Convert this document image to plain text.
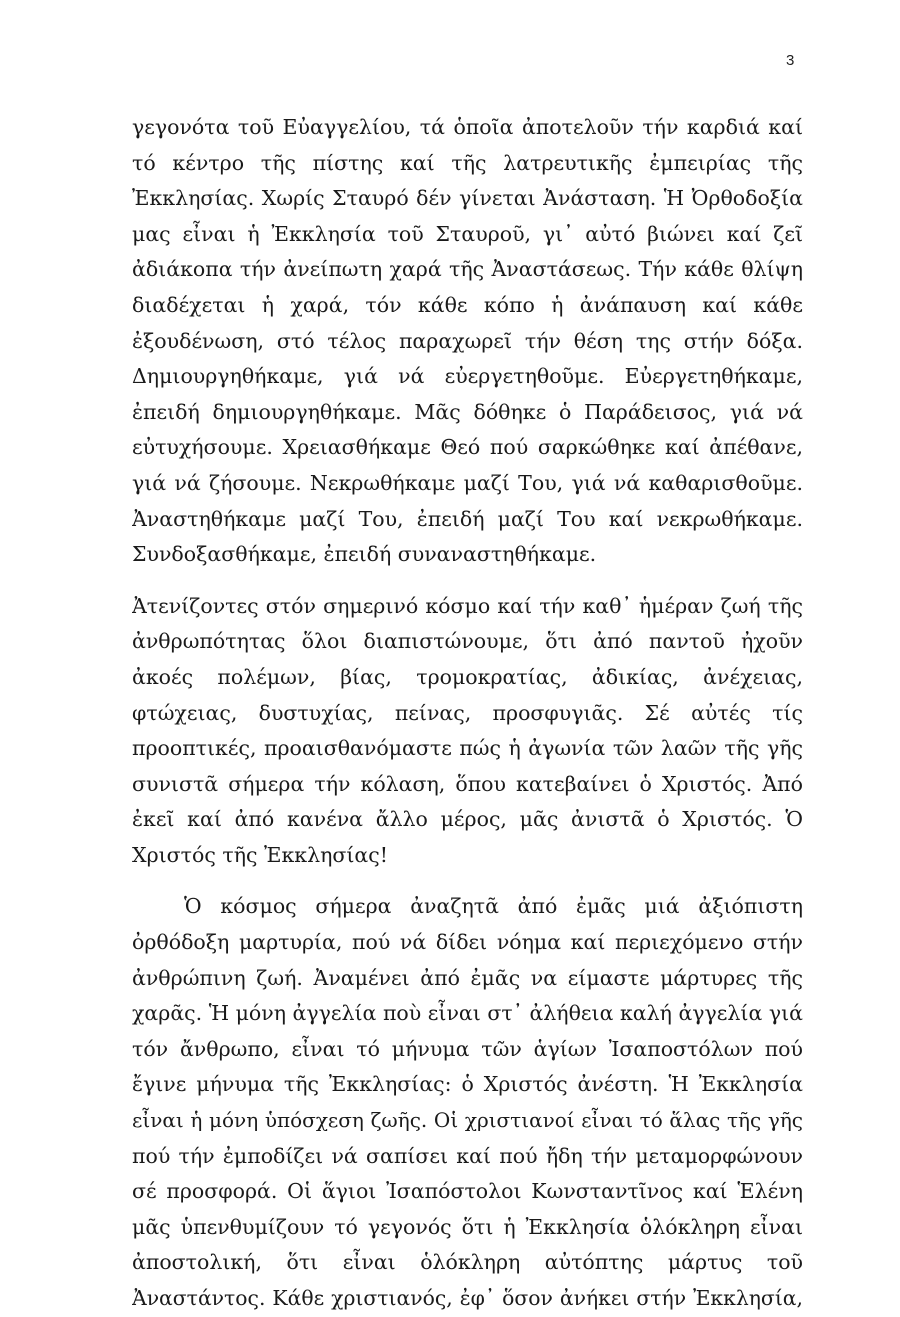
3

γεγονότα τοῦ Εὐαγγελίου, τά ὁποῖα ἀποτελοῦν τήν καρδιά καί
τό κέντρο τῆς πίστης καί τῆς λατρευτικῆς ἐμπειρίας τῆς
Ἐκκλησίας. Χωρίς Σταυρό δέν γίνεται Ἀνάσταση. Ἡ Ὀρθοδοξία
μας εἶναι ἡ Ἐκκλησία τοῦ Σταυροῦ, γι᾽ αὐτό βιώνει καί ζεῖ
ἀδιάκοπα τήν ἀνείπωτη χαρά τῆς Ἀναστάσεως. Τήν κάθε θλίψη
διαδέχεται ἡ χαρά, τόν κάθε κόπο ἡ ἀνάπαυση καί κάθε
ἐξουδένωση, στό τέλος παραχωρεῖ τήν θέση της στήν δόξα.
Δημιουργηθήκαμε, γιά νά εὐεργετηθοῦμε. Εὐεργετηθήκαμε,
ἐπειδή δημιουργηθήκαμε. Μᾶς δόθηκε ὁ Παράδεισος, γιά νά
εὐτυχήσουμε. Χρειασθήκαμε Θεό πού σαρκώθηκε καί ἀπέθανε,
γιά νά ζήσουμε. Νεκρωθήκαμε μαζί Του, γιά νά καθαρισθοῦμε.
Ἀναστηθήκαμε μαζί Του, ἐπειδή μαζί Του καί νεκρωθήκαμε.
Συνδοξασθήκαμε, ἐπειδή συναναστηθήκαμε.

Ἀτενίζοντες στόν σημερινό κόσμο καί τήν καθ᾽ ἡμέραν ζωή τῆς
ἀνθρωπότητας ὅλοι διαπιστώνουμε, ὅτι ἀπό παντοῦ ἠχοῦν
ἀκοές πολέμων, βίας, τρομοκρατίας, ἀδικίας, ἀνέχειας,
φτώχειας, δυστυχίας, πείνας, προσφυγιᾶς. Σέ αὐτές τίς
προοπτικές, προαισθανόμαστε πώς ἡ ἀγωνία τῶν λαῶν τῆς γῆς
συνιστᾶ σήμερα τήν κόλαση, ὅπου κατεβαίνει ὁ Χριστός. Ἀπό
ἐκεῖ καί ἀπό κανένα ἄλλο μέρος, μᾶς ἀνιστᾶ ὁ Χριστός. Ὁ
Χριστός τῆς Ἐκκλησίας!

Ὁ κόσμος σήμερα ἀναζητᾶ ἀπό ἐμᾶς μιά ἀξιόπιστη
ὀρθόδοξη μαρτυρία, πού νά δίδει νόημα καί περιεχόμενο στήν
ἀνθρώπινη ζωή. Ἀναμένει ἀπό ἐμᾶς να είμαστε μάρτυρες τῆς
χαρᾶς. Ἡ μόνη ἀγγελία ποὺ εἶναι στ᾽ ἀλήθεια καλή ἀγγελία γιά
τόν ἄνθρωπο, εἶναι τό μήνυμα τῶν ἁγίων Ἰσαποστόλων πού
ἔγινε μήνυμα τῆς Ἐκκλησίας: ὁ Χριστός ἀνέστη. Ἡ Ἐκκλησία
εἶναι ἡ μόνη ὑπόσχεση ζωῆς. Οἱ χριστιανοί εἶναι τό ἅλας τῆς γῆς
πού τήν ἐμποδίζει νά σαπίσει καί πού ἤδη τήν μεταμορφώνουν
σέ προσφορά. Οἱ ἅγιοι Ἰσαπόστολοι Κωνσταντῖνος καί Ἑλένη
μᾶς ὑπενθυμίζουν τό γεγονός ὅτι ἡ Ἐκκλησία ὁλόκληρη εἶναι
ἀποστολική, ὅτι εἶναι ὁλόκληρη αὐτόπτης μάρτυς τοῦ
Ἀναστάντος. Κάθε χριστιανός, ἐφ᾽ ὅσον ἀνήκει στήν Ἐκκλησία,
